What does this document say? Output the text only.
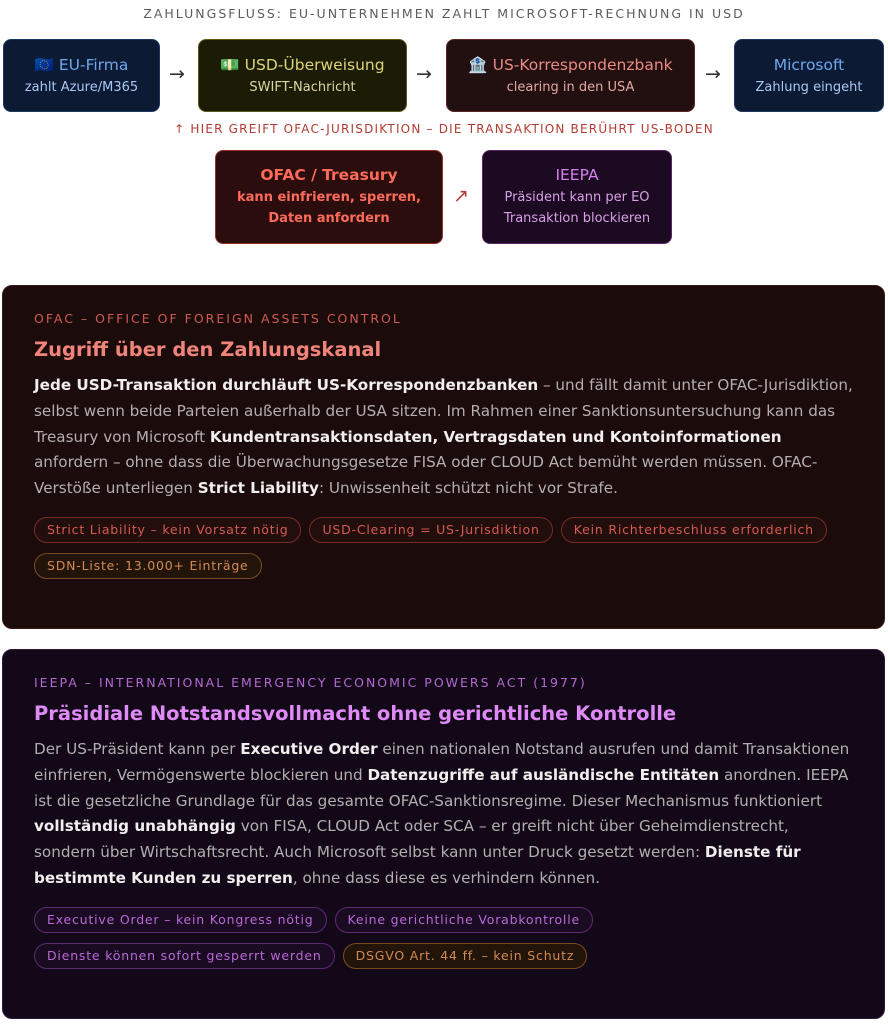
ZAHLUNGSFLUSS: EU-UNTERNEHMEN ZAHLT MICROSOFT-RECHNUNG IN USD
🇪🇺 EU-Firma
zahlt Azure/M365
→ 💵 USD-Überweisung
SWIFT-Nachricht
→ 🏦 US-Korrespondenzbank
clearing in den USA
→	Microsoft
Zahlung eingeht
↑ HIER GREIFT OFAC-JURISDIKTION – DIE TRANSAKTION BERÜHRT US-BODEN
OFAC / Treasury
kann einfrieren, sperren,
Daten anfordern
↗
IEEPA
Präsident kann per EO
Transaktion blockieren
OFAC – OFFICE OF FOREIGN ASSETS CONTROL
Zugriff über den Zahlungskanal
Jede USD-Transaktion durchläuft US-Korrespondenzbanken – und fällt damit unter OFAC-Jurisdiktion, selbst wenn beide Parteien außerhalb der USA sitzen. Im Rahmen einer Sanktionsuntersuchung kann das Treasury von Microsoft Kundentransaktionsdaten, Vertragsdaten und Kontoinformationen anfordern – ohne dass die Überwachungsgesetze FISA oder CLOUD Act bemüht werden müssen. OFAC-Verstöße unterliegen Strict Liability: Unwissenheit schützt nicht vor Strafe.
Strict Liability – kein Vorsatz nötig	USD-Clearing = US-Jurisdiktion	Kein Richterbeschluss erforderlich
SDN-Liste: 13.000+ Einträge
IEEPA – INTERNATIONAL EMERGENCY ECONOMIC POWERS ACT (1977)
Präsidiale Notstandsvollmacht ohne gerichtliche Kontrolle
Der US-Präsident kann per Executive Order einen nationalen Notstand ausrufen und damit Transaktionen einfrieren, Vermögenswerte blockieren und Datenzugriffe auf ausländische Entitäten anordnen. IEEPA ist die gesetzliche Grundlage für das gesamte OFAC-Sanktionsregime. Dieser Mechanismus funktioniert vollständig unabhängig von FISA, CLOUD Act oder SCA – er greift nicht über Geheimdienstrecht, sondern über Wirtschaftsrecht. Auch Microsoft selbst kann unter Druck gesetzt werden: Dienste für bestimmte Kunden zu sperren, ohne dass diese es verhindern können.
Executive Order – kein Kongress nötig	Keine gerichtliche Vorabkontrolle
Dienste können sofort gesperrt werden	DSGVO Art. 44 ff. – kein Schutz
